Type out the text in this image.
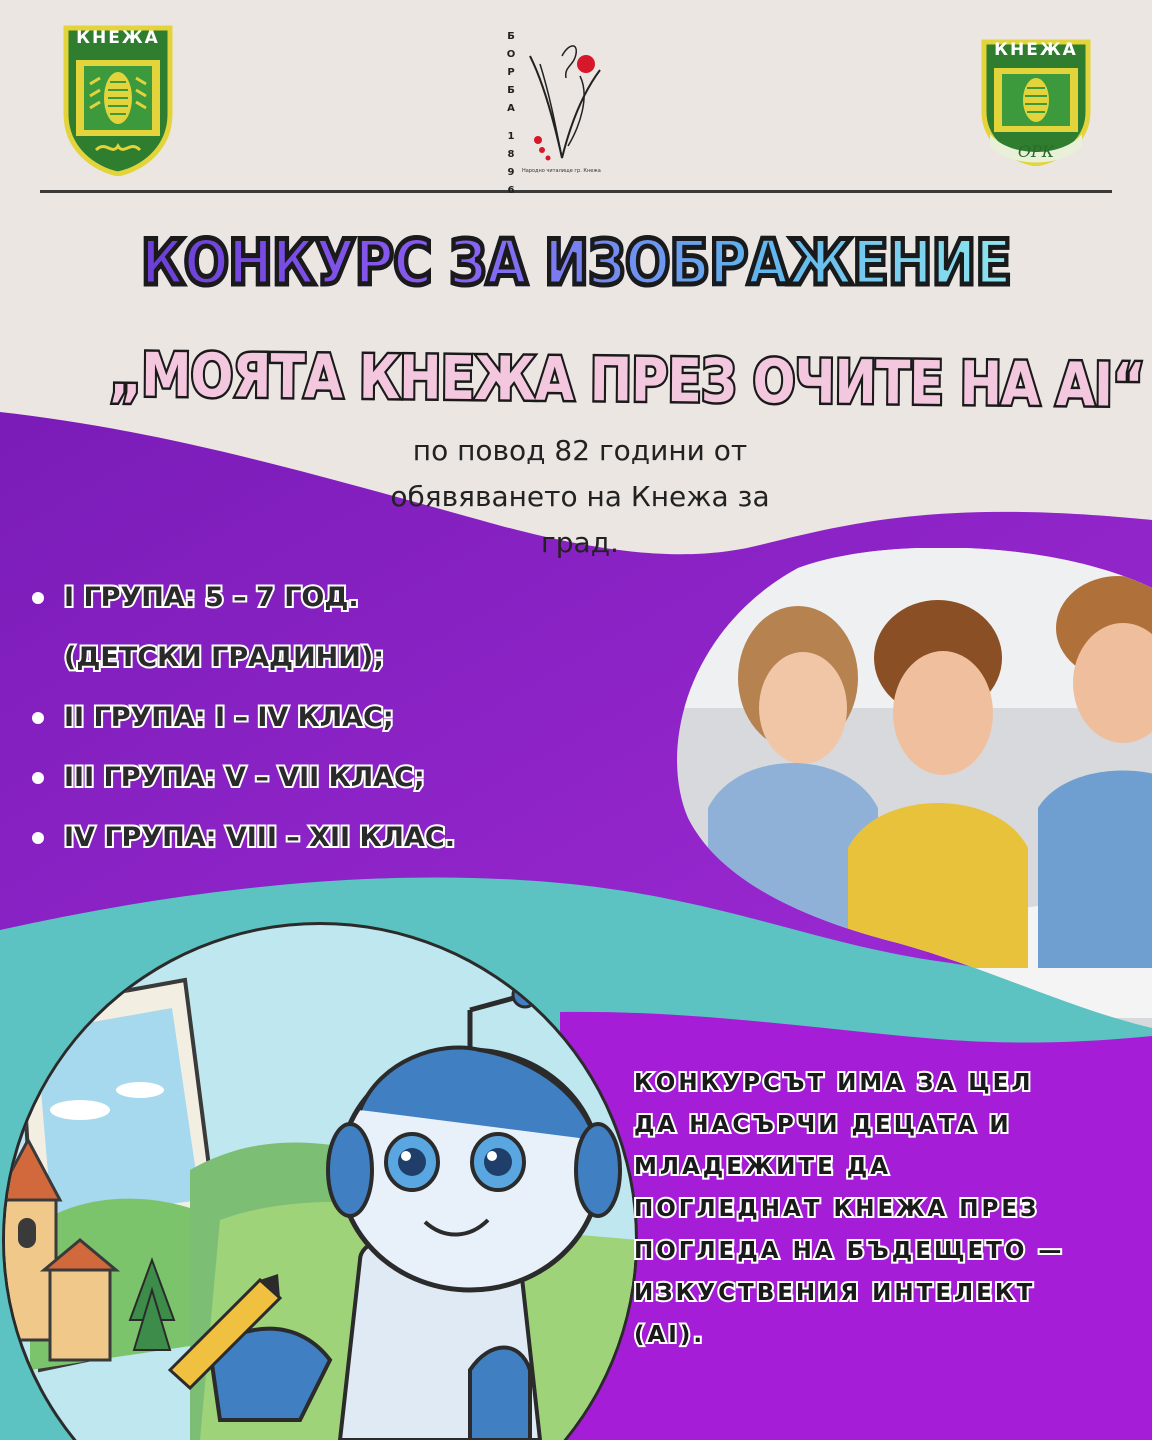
КНЕЖА
КНЕЖА
ОРК
Б
О
Р
Б
А
1
8
9
6
Народно читалище гр. Кнежа
КОНКУРС ЗА ИЗОБРАЖЕНИЕ
„МОЯТА КНЕЖА ПРЕЗ ОЧИТЕ НА AI“
по повод 82 години от
обявяването на Кнежа за
град.
I ГРУПА: 5 – 7 ГОД.
(ДЕТСКИ ГРАДИНИ);
II ГРУПА: I – IV КЛАС;
III ГРУПА: V – VII КЛАС;
IV ГРУПА: VIII – XII КЛАС.
КОНКУРСЪТ ИМА ЗА ЦЕЛ
ДА НАСЪРЧИ ДЕЦАТА И
МЛАДЕЖИТЕ ДА
ПОГЛЕДНАТ КНЕЖА ПРЕЗ
ПОГЛЕДА НА БЪДЕЩЕТО —
ИЗКУСТВЕНИЯ ИНТЕЛЕКТ
(AI).
